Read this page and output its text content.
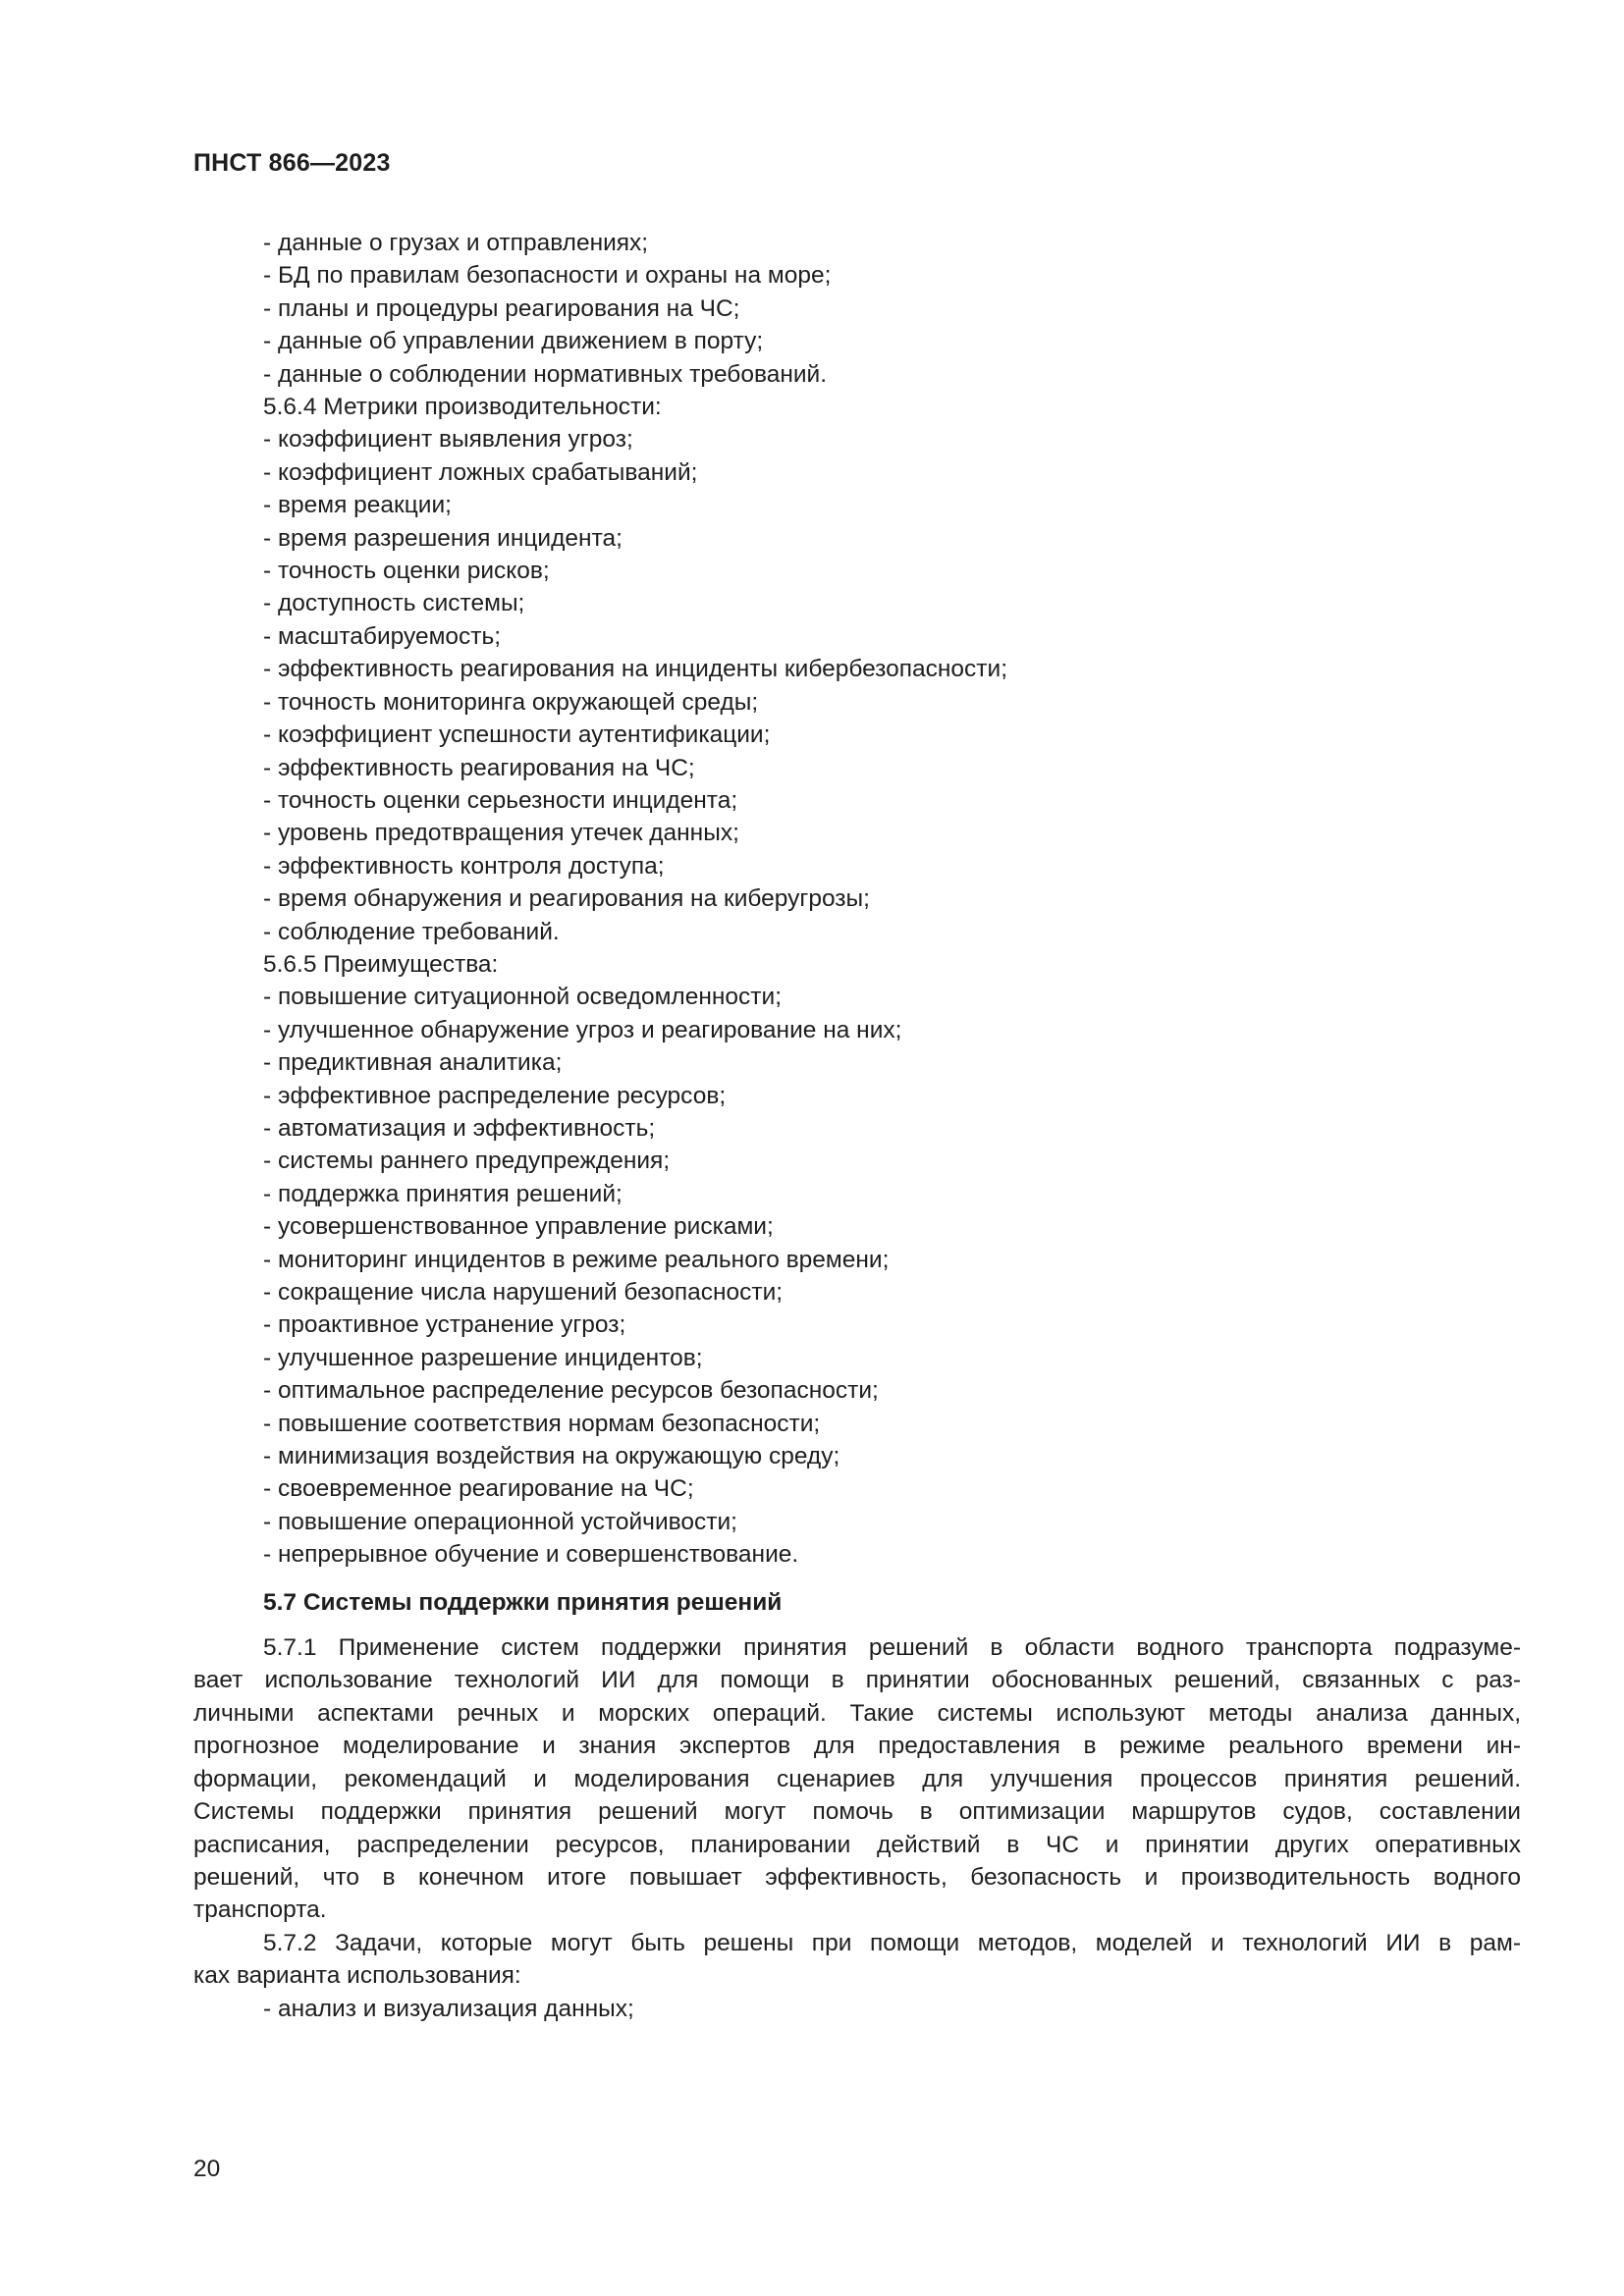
ПНСТ 866—2023
- данные о грузах и отправлениях;
- БД по правилам безопасности и охраны на море;
- планы и процедуры реагирования на ЧС;
- данные об управлении движением в порту;
- данные о соблюдении нормативных требований.
5.6.4 Метрики производительности:
- коэффициент выявления угроз;
- коэффициент ложных срабатываний;
- время реакции;
- время разрешения инцидента;
- точность оценки рисков;
- доступность системы;
- масштабируемость;
- эффективность реагирования на инциденты кибербезопасности;
- точность мониторинга окружающей среды;
- коэффициент успешности аутентификации;
- эффективность реагирования на ЧС;
- точность оценки серьезности инцидента;
- уровень предотвращения утечек данных;
- эффективность контроля доступа;
- время обнаружения и реагирования на киберугрозы;
- соблюдение требований.
5.6.5 Преимущества:
- повышение ситуационной осведомленности;
- улучшенное обнаружение угроз и реагирование на них;
- предиктивная аналитика;
- эффективное распределение ресурсов;
- автоматизация и эффективность;
- системы раннего предупреждения;
- поддержка принятия решений;
- усовершенствованное управление рисками;
- мониторинг инцидентов в режиме реального времени;
- сокращение числа нарушений безопасности;
- проактивное устранение угроз;
- улучшенное разрешение инцидентов;
- оптимальное распределение ресурсов безопасности;
- повышение соответствия нормам безопасности;
- минимизация воздействия на окружающую среду;
- своевременное реагирование на ЧС;
- повышение операционной устойчивости;
- непрерывное обучение и совершенствование.
5.7 Системы поддержки принятия решений
5.7.1 Применение систем поддержки принятия решений в области водного транспорта подразуме-
вает использование технологий ИИ для помощи в принятии обоснованных решений, связанных с раз-
личными аспектами речных и морских операций. Такие системы используют методы анализа данных,
прогнозное моделирование и знания экспертов для предоставления в режиме реального времени ин-
формации, рекомендаций и моделирования сценариев для улучшения процессов принятия решений.
Системы поддержки принятия решений могут помочь в оптимизации маршрутов судов, составлении
расписания, распределении ресурсов, планировании действий в ЧС и принятии других оперативных
решений, что в конечном итоге повышает эффективность, безопасность и производительность водного
транспорта.
5.7.2 Задачи, которые могут быть решены при помощи методов, моделей и технологий ИИ в рам-
ках варианта использования:
- анализ и визуализация данных;
20
